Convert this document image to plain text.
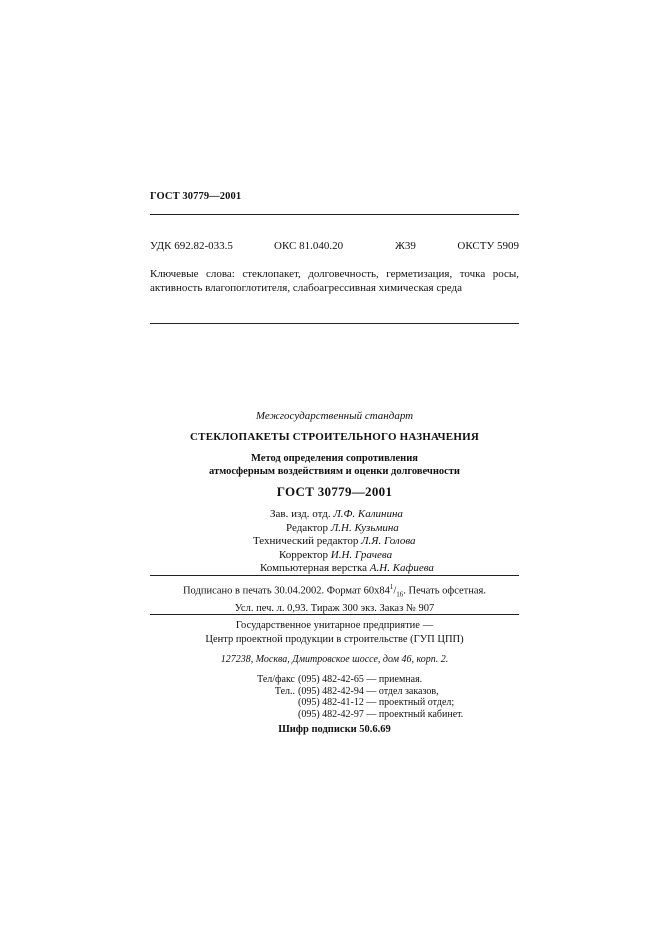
ГОСТ 30779—2001
УДК 692.82-033.5	ОКС 81.040.20	Ж39	ОКСТУ 5909
Ключевые слова: стеклопакет, долговечность, герметизация, точка росы, активность влагопоглотителя, слабоагрессивная химическая среда
Межгосударственный стандарт
СТЕКЛОПАКЕТЫ СТРОИТЕЛЬНОГО НАЗНАЧЕНИЯ
Метод определения сопротивления
атмосферным воздействиям и оценки долговечности
ГОСТ 30779—2001
Зав. изд. отд. Л.Ф. Калинина
Редактор Л.Н. Кузьмина
Технический редактор Л.Я. Голова
Корректор И.Н. Грачева
Компьютерная верстка А.Н. Кафиева
Подписано в печать 30.04.2002. Формат $60х84^1/_{16}$. Печать офсетная.
Усл. печ. л. 0,93. Тираж 300 экз. Заказ № 907
Государственное унитарное предприятие —
Центр проектной продукции в строительстве (ГУП ЦПП)
127238, Москва, Дмитровское шоссе, дом 46, корп. 2.
Тел/факс (095) 482-42-65 — приемная.
Тел.. (095) 482-42-94 — отдел заказов,
(095) 482-41-12 — проектный отдел;
(095) 482-42-97 — проектный кабинет.
Шифр подписки 50.6.69
